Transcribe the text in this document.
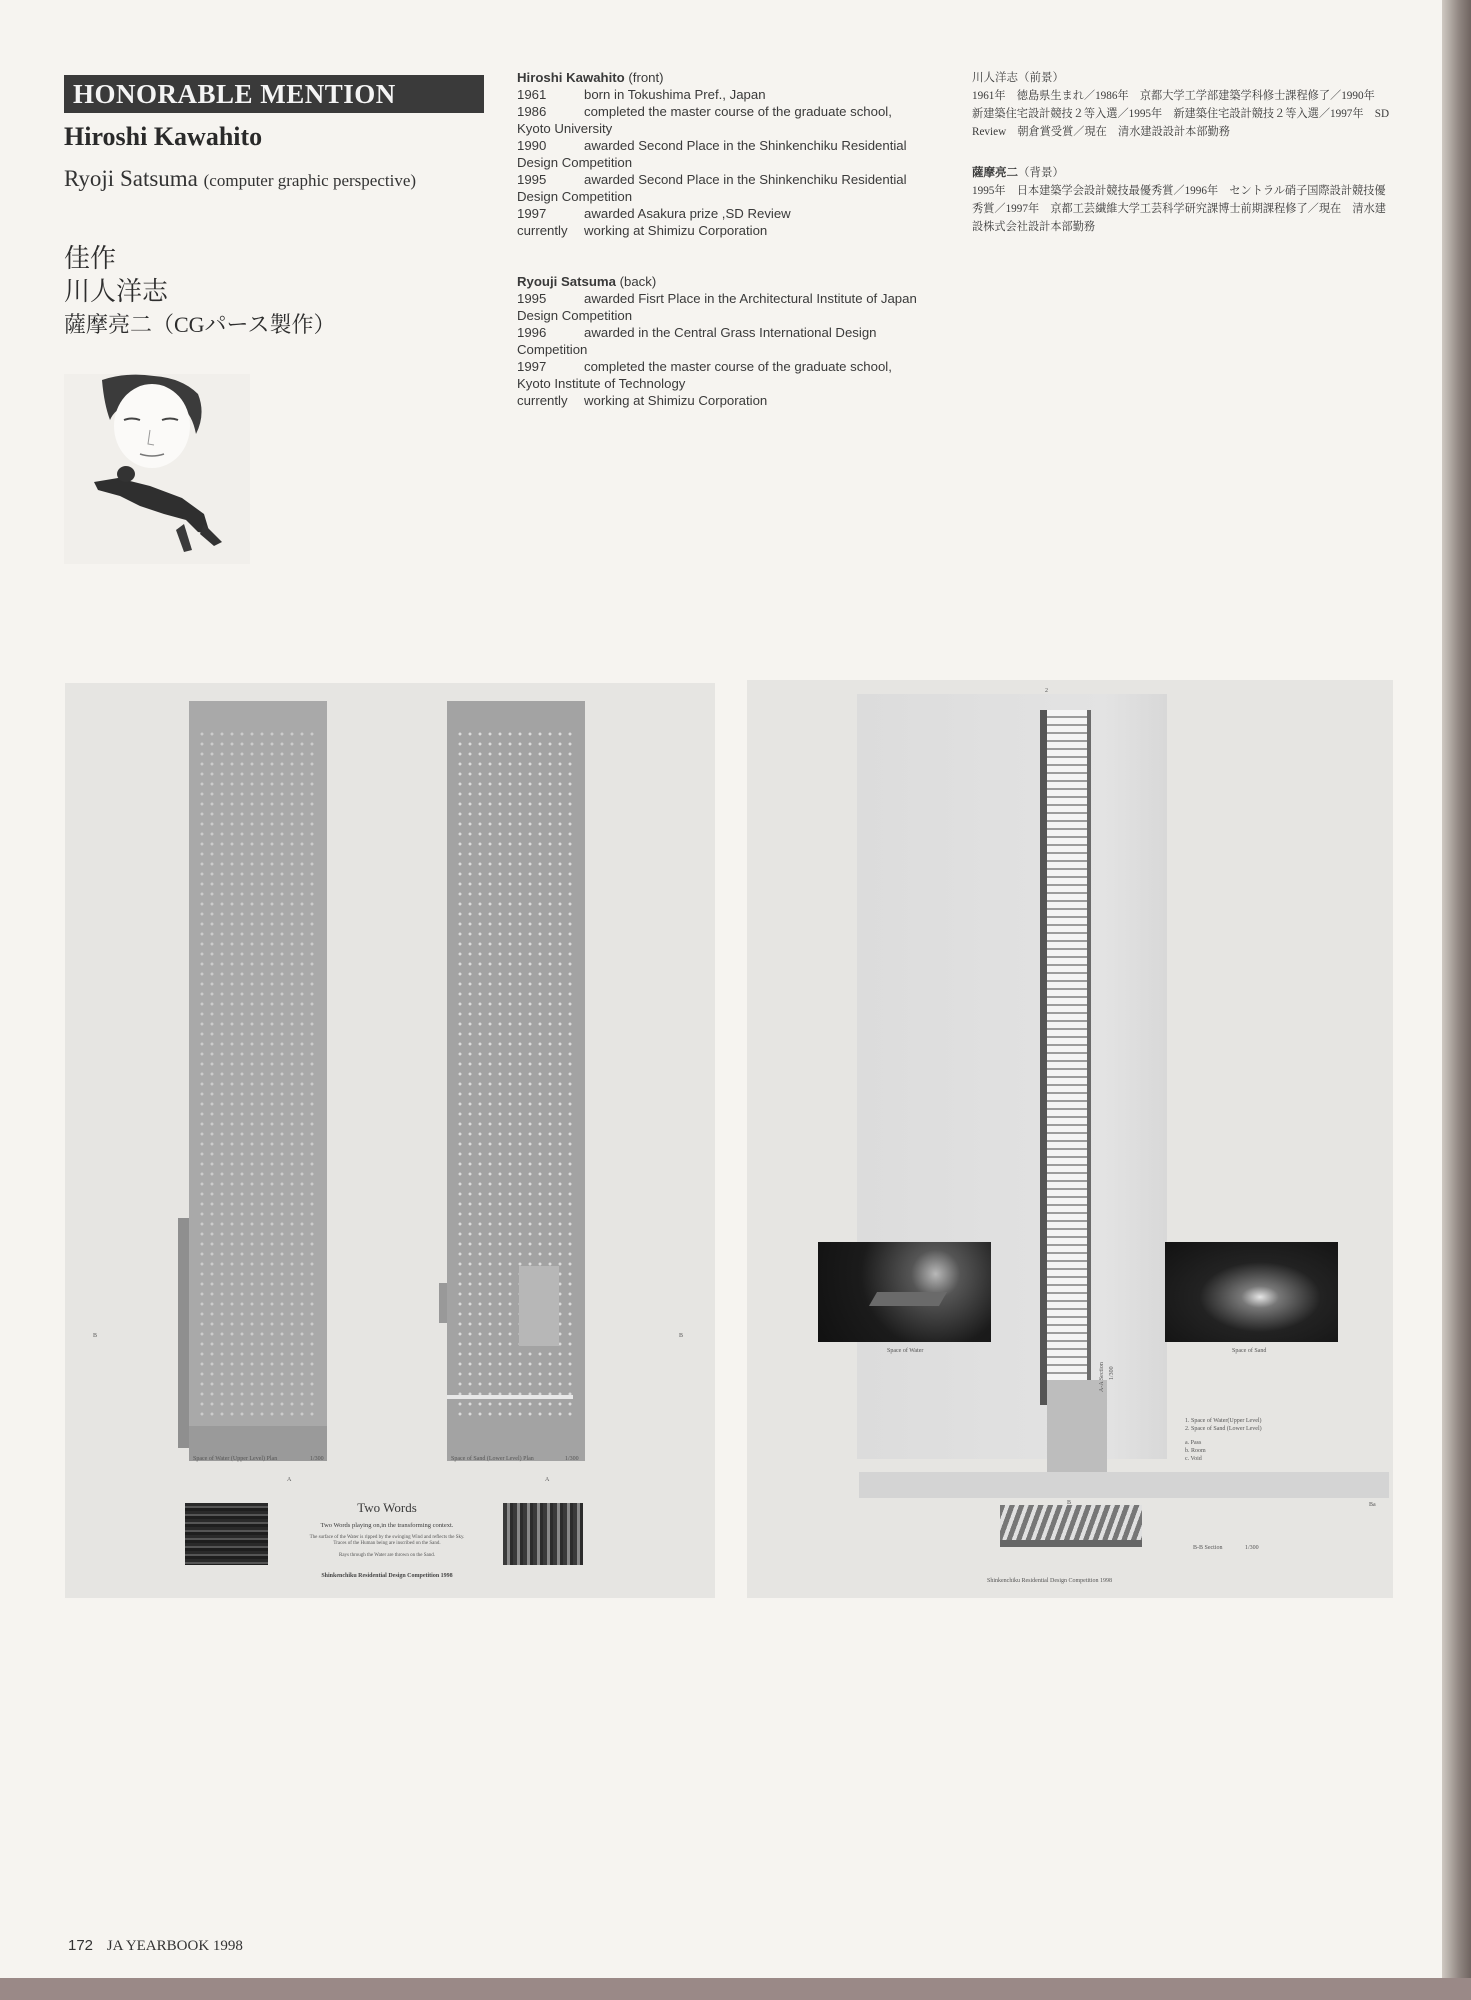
HONORABLE MENTION
Hiroshi Kawahito
Ryoji Satsuma (computer graphic perspective)
佳作
川人洋志
薩摩亮二（CGパース製作）
Hiroshi Kawahito (front)
1961	born in Tokushima Pref., Japan
1986	completed the master course of the graduate school, Kyoto University
1990	awarded Second Place in the Shinkenchiku Residential Design Competition
1995	awarded Second Place in the Shinkenchiku Residential Design Competition
1997	awarded Asakura prize ,SD Review
currently	working at Shimizu Corporation
Ryouji Satsuma (back)
1995	awarded Fisrt Place in the Architectural Institute of Japan Design Competition
1996	awarded in the Central Grass International Design Competition
1997	completed the master course of the graduate school, Kyoto Institute of Technology
currently	working at Shimizu Corporation
川人洋志（前景）
1961年　徳島県生まれ／1986年　京都大学工学部建築学科修士課程修了／1990年　新建築住宅設計競技２等入選／1995年　新建築住宅設計競技２等入選／1997年　SD Review　朝倉賞受賞／現在　清水建設設計本部勤務
薩摩亮二（背景）
1995年　日本建築学会設計競技最優秀賞／1996年　セントラル硝子国際設計競技優秀賞／1997年　京都工芸繊維大学工芸科学研究課博士前期課程修了／現在　清水建設株式会社設計本部勤務
Space of Water (Upper Level) Plan	1/300	Space of Sand (Lower Level) Plan	1/300
A	A
B	B
Two Words
Two Words playing on,in the transforming context.
The surface of the Water is ripped by the swinging Wind and reflects the Sky.
Traces of the Human being are inscribed on the Sand.
Rays through the Water are thrown on the Sand.
Shinkenchiku Residential Design Competition 1998
2
Space of Water	Space of Sand
A-A Section 1/300
1. Space of Water(Upper Level)
2. Space of Sand (Lower Level)
a. Pass
b. Room
c. Void
B-B Section	1/300
B	Ba
Shinkenchiku Residential Design Competition 1998
172 JA YEARBOOK 1998
